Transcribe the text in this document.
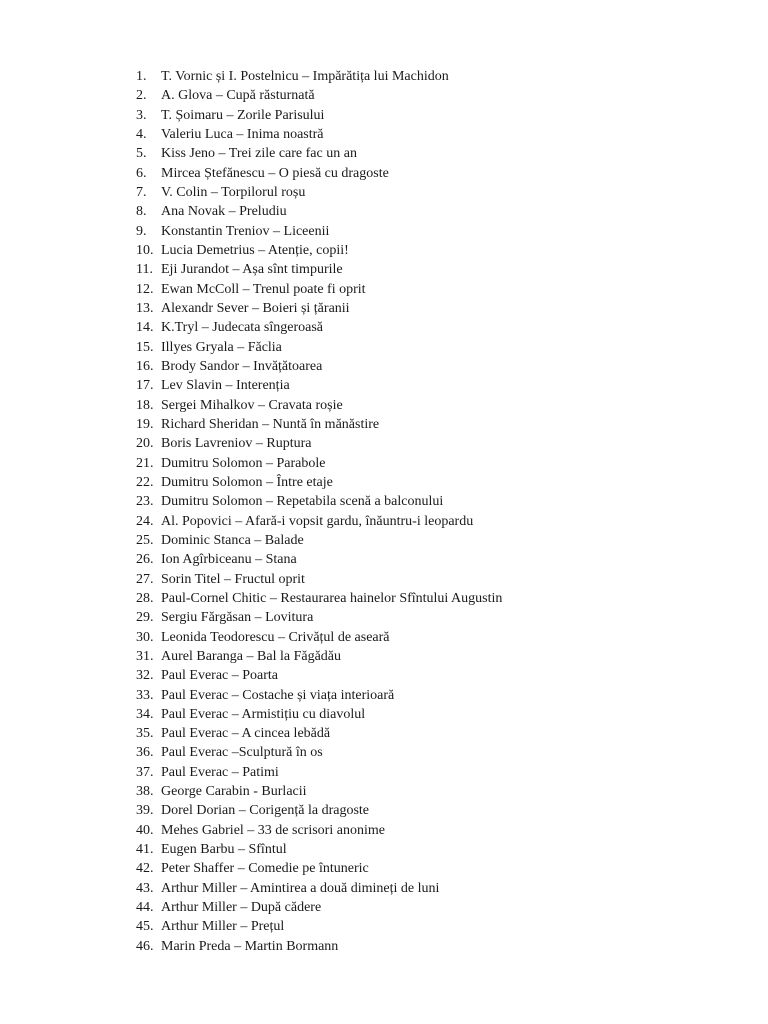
1. T. Vornic și I. Postelnicu – Impărătița lui Machidon
2. A. Glova – Cupă răsturnată
3. T. Șoimaru – Zorile Parisului
4. Valeriu Luca – Inima noastră
5. Kiss Jeno – Trei zile care fac un an
6. Mircea Ștefănescu – O piesă cu dragoste
7. V. Colin – Torpilorul roșu
8. Ana Novak – Preludiu
9. Konstantin Treniov – Liceenii
10. Lucia Demetrius – Atenție, copii!
11. Eji Jurandot – Așa sînt timpurile
12. Ewan McColl – Trenul poate fi oprit
13. Alexandr Sever – Boieri și țăranii
14. K.Tryl – Judecata sîngeroasă
15. Illyes Gryala – Făclia
16. Brody Sandor – Invățătoarea
17. Lev Slavin – Interenția
18. Sergei Mihalkov – Cravata roșie
19. Richard Sheridan – Nuntă în mănăstire
20. Boris Lavreniov – Ruptura
21. Dumitru Solomon – Parabole
22. Dumitru Solomon – Între etaje
23. Dumitru Solomon – Repetabila scenă a balconului
24. Al. Popovici – Afară-i vopsit gardu, înăuntru-i leopardu
25. Dominic Stanca – Balade
26. Ion Agîrbiceanu – Stana
27. Sorin Titel – Fructul oprit
28. Paul-Cornel Chitic – Restaurarea hainelor Sfîntului Augustin
29. Sergiu Fărgăsan – Lovitura
30. Leonida Teodorescu – Crivățul de aseară
31. Aurel Baranga – Bal la Făgădău
32. Paul Everac – Poarta
33. Paul Everac – Costache și viața interioară
34. Paul Everac – Armistițiu cu diavolul
35. Paul Everac – A cincea lebădă
36. Paul Everac –Sculptură în os
37. Paul Everac – Patimi
38. George Carabin - Burlacii
39. Dorel Dorian – Corigență la dragoste
40. Mehes Gabriel – 33 de scrisori anonime
41. Eugen Barbu – Sfîntul
42. Peter Shaffer – Comedie pe întuneric
43. Arthur Miller – Amintirea a două dimineți de luni
44. Arthur Miller – După cădere
45. Arthur Miller – Prețul
46. Marin Preda – Martin Bormann
